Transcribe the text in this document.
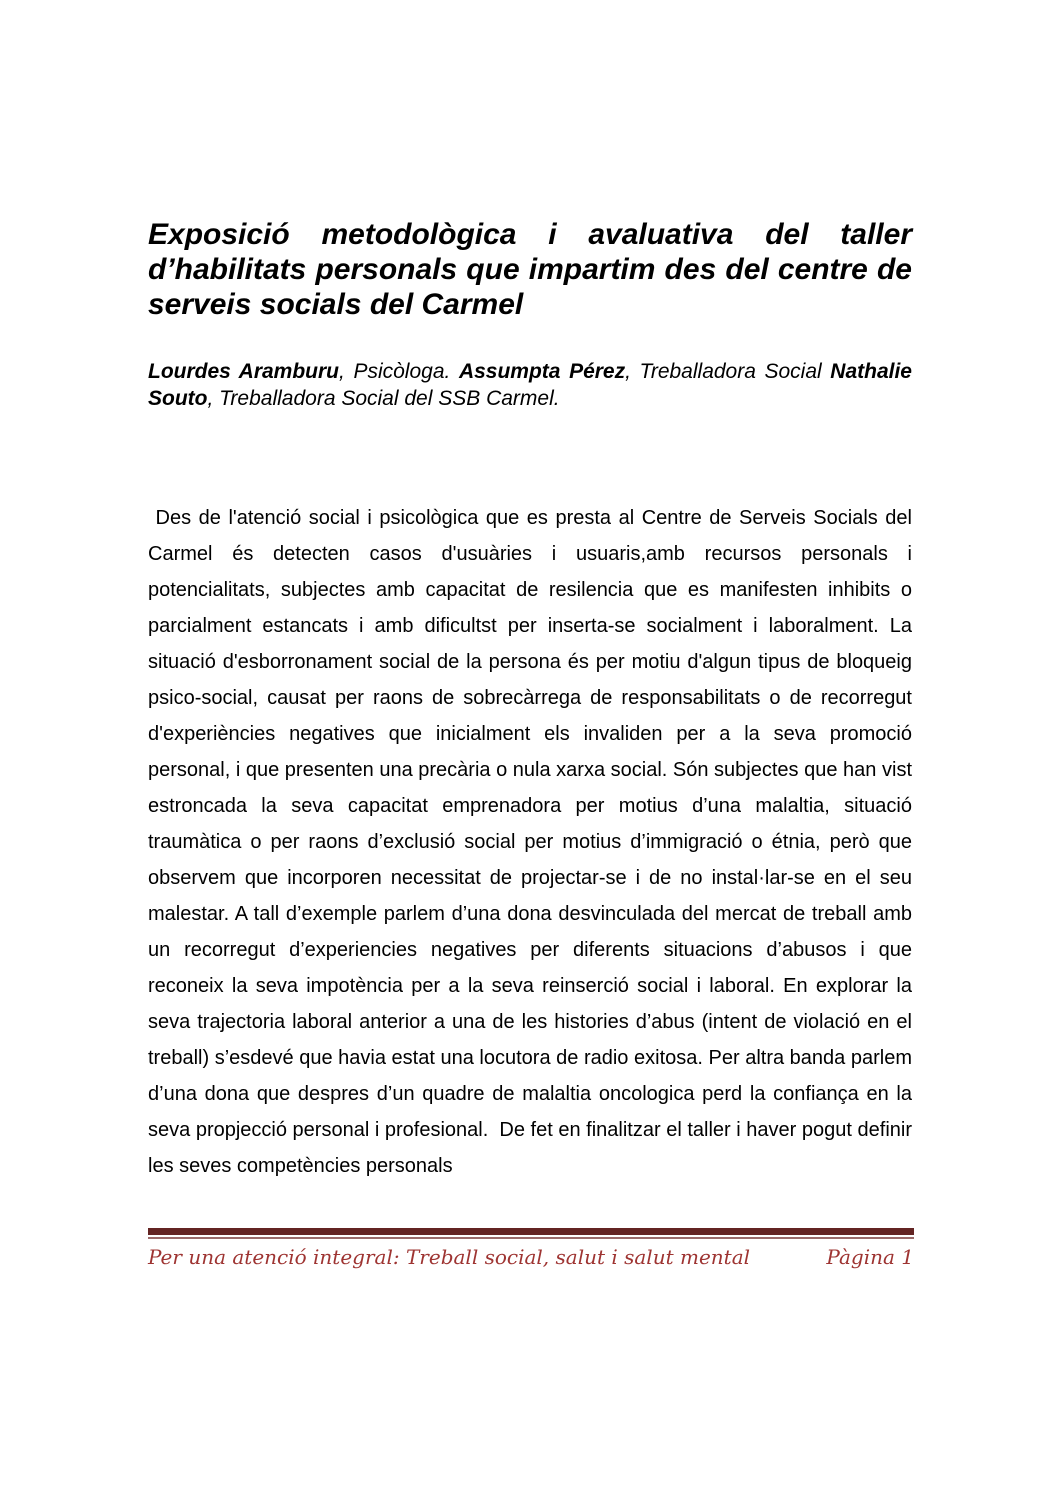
Exposició metodològica i avaluativa del taller d’habilitats personals que impartim des del centre de serveis socials del Carmel

Lourdes Aramburu, Psicòloga. Assumpta Pérez, Treballadora Social Nathalie Souto, Treballadora Social del SSB Carmel.

Des de l'atenció social i psicològica que es presta al Centre de Serveis Socials del Carmel és detecten casos d'usuàries i usuaris,amb recursos personals i potencialitats, subjectes amb capacitat de resilencia que es manifesten inhibits o parcialment estancats i amb dificultst per inserta-se socialment i laboralment. La situació d'esborronament social de la persona és per motiu d'algun tipus de bloqueig psico-social, causat per raons de sobrecàrrega de responsabilitats o de recorregut d'experiències negatives que inicialment els invaliden per a la seva promoció personal, i que presenten una precària o nula xarxa social. Són subjectes que han vist estroncada la seva capacitat emprenadora per motius d’una malaltia, situació traumàtica o per raons d’exclusió social per motius d’immigració o étnia, però que observem que incorporen necessitat de projectar-se i de no instal·lar-se en el seu malestar. A tall d’exemple parlem d’una dona desvinculada del mercat de treball amb un recorregut d’experiencies negatives per diferents situacions d’abusos i que reconeix la seva impotència per a la seva reinserció social i laboral. En explorar la seva trajectoria laboral anterior a una de les histories d’abus (intent de violació en el treball) s’esdevé que havia estat una locutora de radio exitosa. Per altra banda parlem d’una dona que despres d’un quadre de malaltia oncologica perd la confiança en la seva propjecció personal i profesional.  De fet en finalitzar el taller i haver pogut definir les seves competències personals

Per una atenció integral: Treball social, salut i salut mental	Pàgina 1
